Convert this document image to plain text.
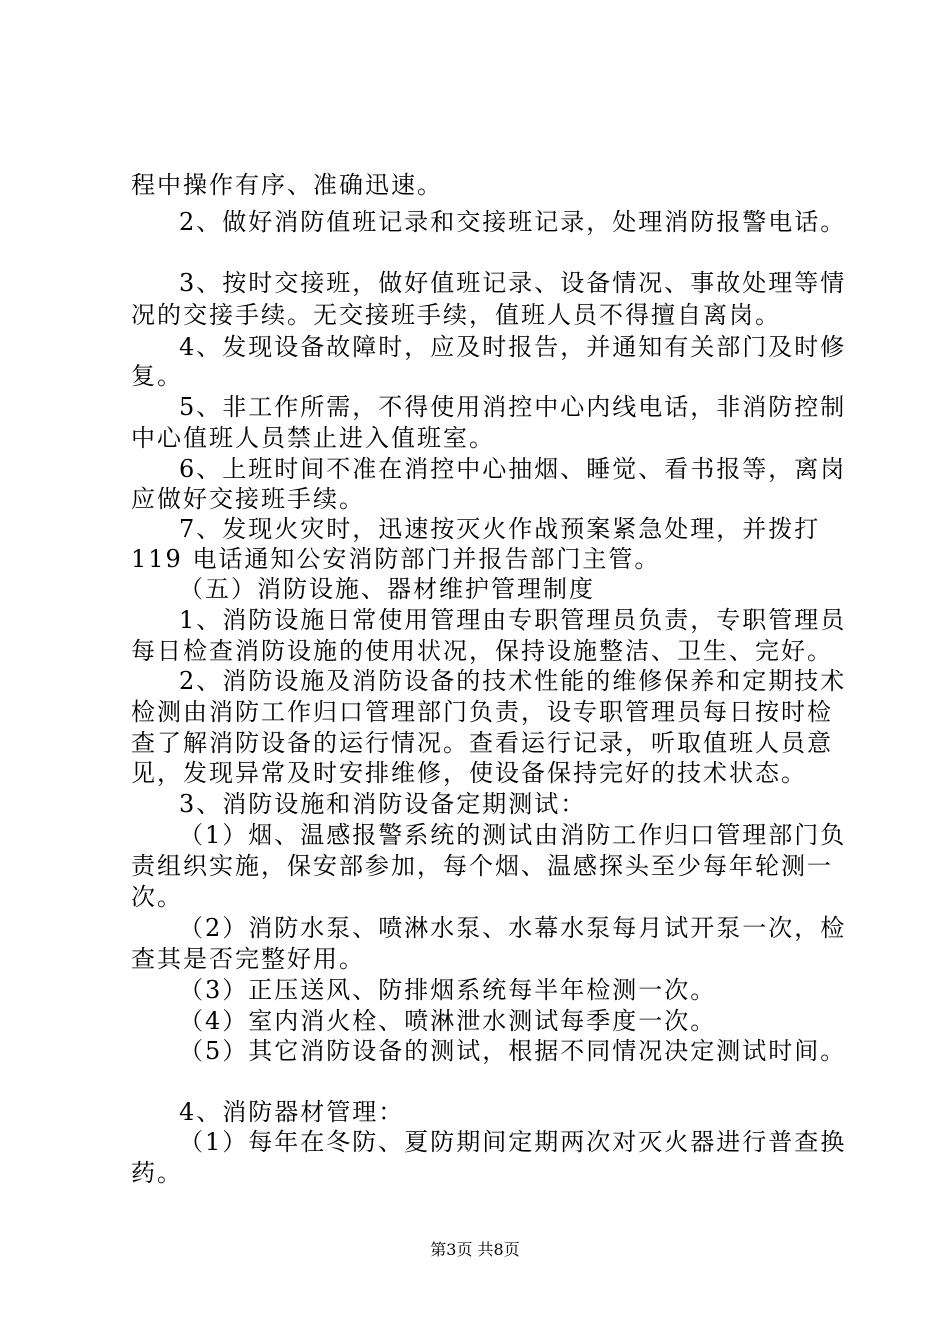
程中操作有序、准确迅速。
2、做好消防值班记录和交接班记录，处理消防报警电话。
3、按时交接班，做好值班记录、设备情况、事故处理等情
况的交接手续。无交接班手续，值班人员不得擅自离岗。
4、发现设备故障时，应及时报告，并通知有关部门及时修
复。
5、非工作所需，不得使用消控中心内线电话，非消防控制
中心值班人员禁止进入值班室。
6、上班时间不准在消控中心抽烟、睡觉、看书报等，离岗
应做好交接班手续。
7、发现火灾时，迅速按灭火作战预案紧急处理，并拨打
119 电话通知公安消防部门并报告部门主管。
（五）消防设施、器材维护管理制度
1、消防设施日常使用管理由专职管理员负责，专职管理员
每日检查消防设施的使用状况，保持设施整洁、卫生、完好。
2、消防设施及消防设备的技术性能的维修保养和定期技术
检测由消防工作归口管理部门负责，设专职管理员每日按时检
查了解消防设备的运行情况。查看运行记录，听取值班人员意
见，发现异常及时安排维修，使设备保持完好的技术状态。
3、消防设施和消防设备定期测试：
（1）烟、温感报警系统的测试由消防工作归口管理部门负
责组织实施，保安部参加，每个烟、温感探头至少每年轮测一
次。
（2）消防水泵、喷淋水泵、水幕水泵每月试开泵一次，检
查其是否完整好用。
（3）正压送风、防排烟系统每半年检测一次。
（4）室内消火栓、喷淋泄水测试每季度一次。
（5）其它消防设备的测试，根据不同情况决定测试时间。
4、消防器材管理：
（1）每年在冬防、夏防期间定期两次对灭火器进行普查换
药。
第3页 共8页
